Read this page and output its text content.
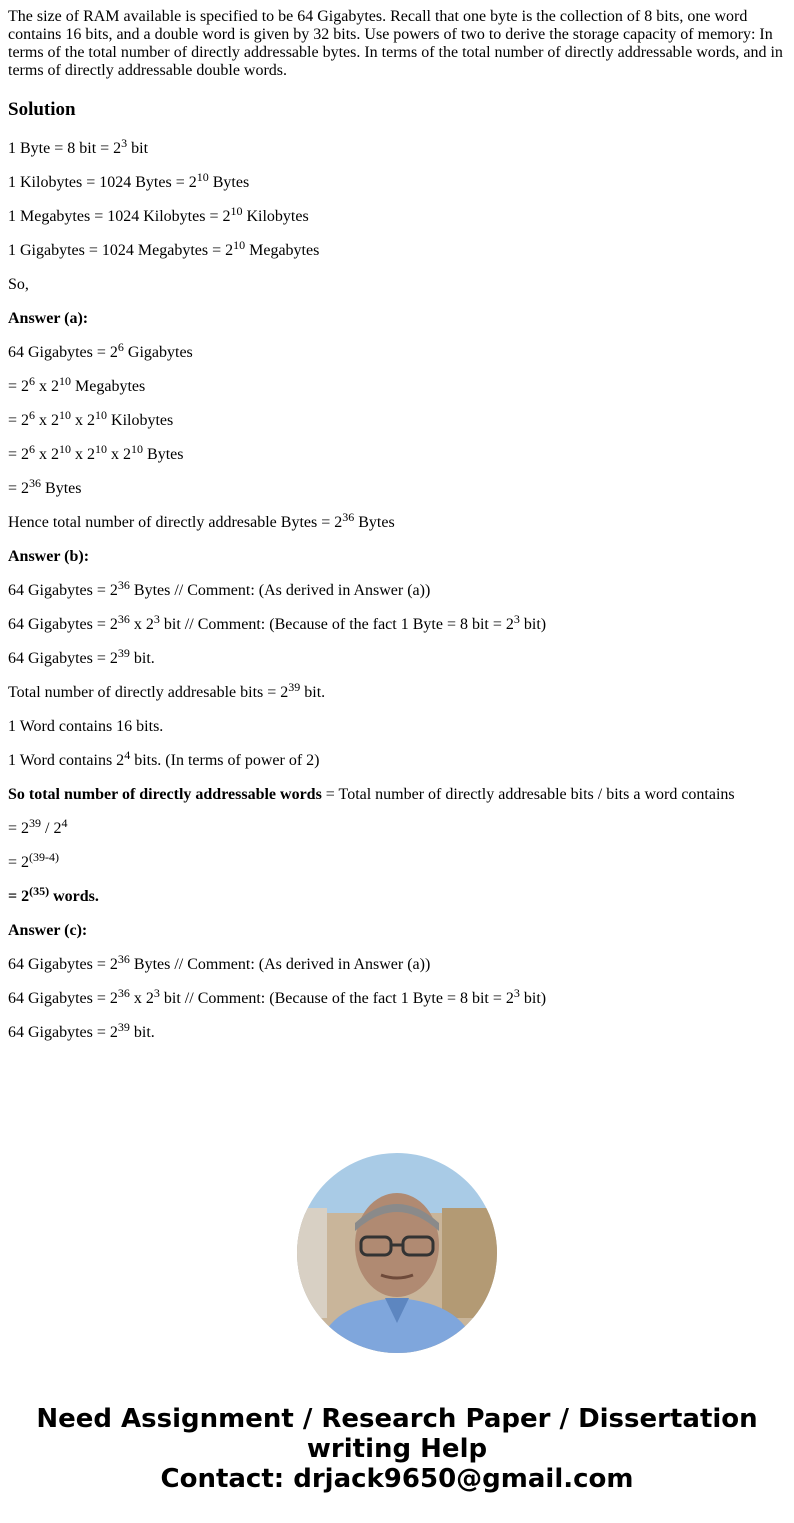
The size of RAM available is specified to be 64 Gigabytes. Recall that one byte is the collection of 8 bits, one word contains 16 bits, and a double word is given by 32 bits. Use powers of two to derive the storage capacity of memory: In terms of the total number of directly addressable bytes. In terms of the total number of directly addressable words, and in terms of directly addressable double words.

Solution

1 Byte = 8 bit = $2^3$ bit

1 Kilobytes = 1024 Bytes = $2^{10}$ Bytes

1 Megabytes = 1024 Kilobytes = $2^{10}$ Kilobytes

1 Gigabytes = 1024 Megabytes = $2^{10}$ Megabytes

So,

Answer (a):

64 Gigabytes = $2^6$ Gigabytes

= $2^6$ x $2^{10}$ Megabytes

= $2^6$ x $2^{10}$ x $2^{10}$ Kilobytes

= $2^6$ x $2^{10}$ x $2^{10}$ x $2^{10}$ Bytes

= $2^{36}$ Bytes

Hence total number of directly addresable Bytes = $2^{36}$ Bytes

Answer (b):

64 Gigabytes = $2^{36}$ Bytes // Comment: (As derived in Answer (a))

64 Gigabytes = $2^{36}$ x $2^3$ bit // Comment: (Because of the fact 1 Byte = 8 bit = $2^3$ bit)

64 Gigabytes = $2^{39}$ bit.

Total number of directly addresable bits = $2^{39}$ bit.

1 Word contains 16 bits.

1 Word contains $2^4$ bits. (In terms of power of 2)

So total number of directly addressable words = Total number of directly addresable bits / bits a word contains

= $2^{39} / 2^4$

= $2^{(39-4)}$

= $2^{(35)}$ words.

Answer (c):

64 Gigabytes = $2^{36}$ Bytes // Comment: (As derived in Answer (a))

64 Gigabytes = $2^{36}$ x $2^3$ bit // Comment: (Because of the fact 1 Byte = 8 bit = $2^3$ bit)

64 Gigabytes = $2^{39}$ bit.

Need Assignment / Research Paper / Dissertation
writing Help
Contact: drjack9650@gmail.com
